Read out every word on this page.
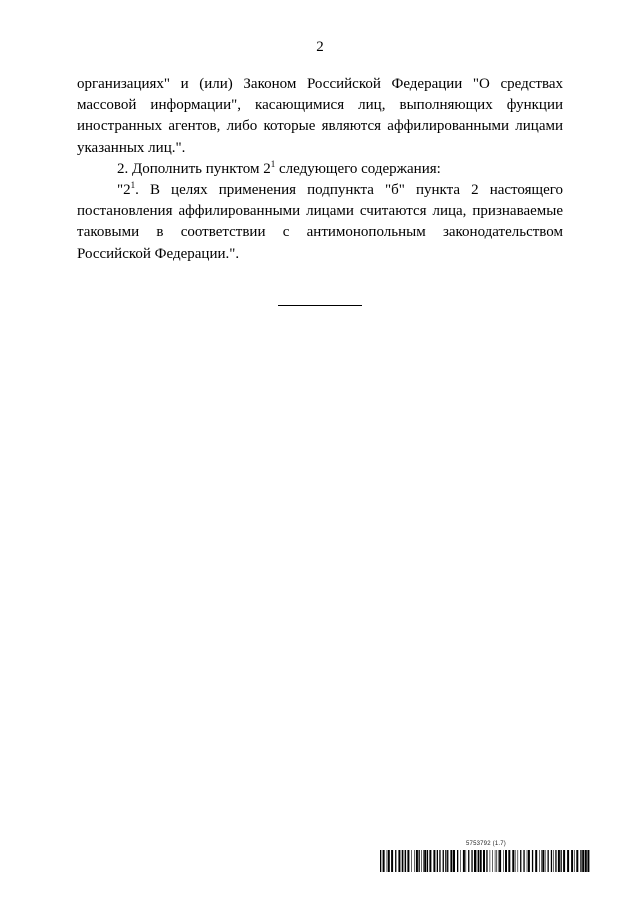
2

организациях" и (или) Законом Российской Федерации "О средствах массовой информации", касающимися лиц, выполняющих функции иностранных агентов, либо которые являются аффилированными лицами указанных лиц.".

2. Дополнить пунктом $2^1$ следующего содержания:

"$2^1$. В целях применения подпункта "б" пункта 2 настоящего постановления аффилированными лицами считаются лица, признаваемые таковыми в соответствии с антимонопольным законодательством Российской Федерации.".

5753792 (1.7)
